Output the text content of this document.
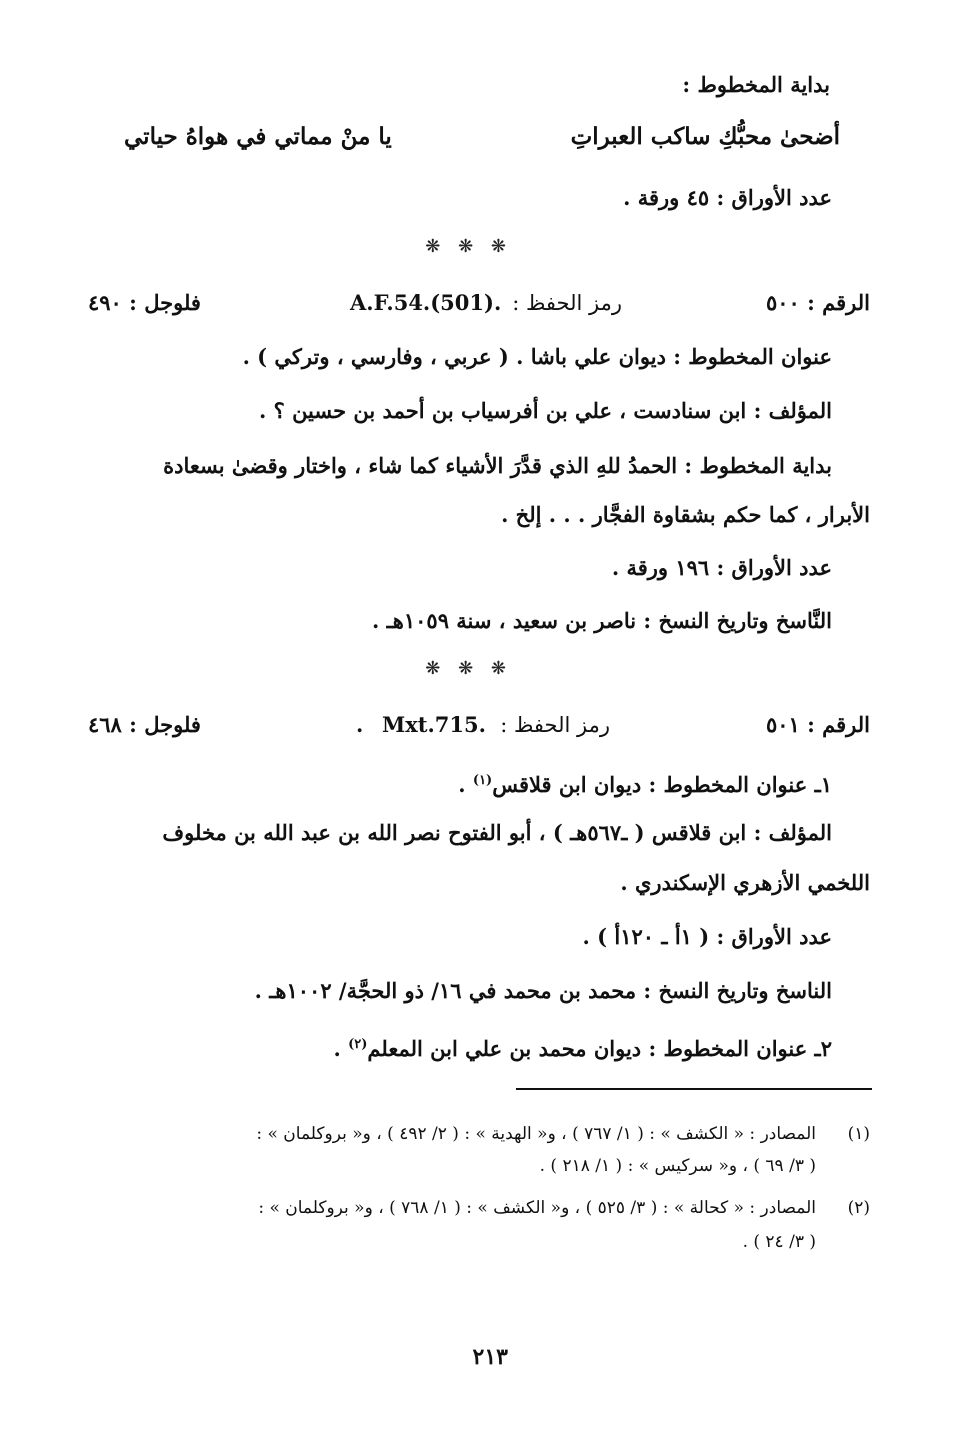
بداية المخطوط :
أضحىٰ محبُّكِ ساكب العبراتِ
يا منْ مماتي في هواهُ حياتي
عدد الأوراق : ٤٥ ورقة .
❋ ❋ ❋
الرقم : ٥٠٠
رمز الحفظ :
A.F.54.(501).
فلوجل : ٤٩٠
عنوان المخطوط : ديوان علي باشا . ( عربي ، وفارسي ، وتركي ) .
المؤلف : ابن سنادست ، علي بن أفرسياب بن أحمد بن حسين ؟ .
بداية المخطوط : الحمدُ للهِ الذي قدَّرَ الأشياء كما شاء ، واختار وقضىٰ بسعادة
الأبرار ، كما حكم بشقاوة الفجَّار . . . إلخ .
عدد الأوراق : ١٩٦ ورقة .
النَّاسخ وتاريخ النسخ : ناصر بن سعيد ، سنة ١٠٥٩هـ .
❋ ❋ ❋
الرقم : ٥٠١
رمز الحفظ :
Mxt.715.
.
فلوجل : ٤٦٨
١ـ عنوان المخطوط : ديوان ابن قلاقس$^{(١)}$ .
المؤلف : ابن قلاقس ( ـ٥٦٧هـ ) ، أبو الفتوح نصر الله بن عبد الله بن مخلوف
اللخمي الأزهري الإسكندري .
عدد الأوراق : ( ١أ ـ ١٢٠أ ) .
الناسخ وتاريخ النسخ : محمد بن محمد في ١٦/ ذو الحجَّة/ ١٠٠٢هـ .
٢ـ عنوان المخطوط : ديوان محمد بن علي ابن المعلم$^{(٢)}$ .
(١)
المصادر : « الكشف » : ( ١/ ٧٦٧ ) ، و« الهدية » : ( ٢/ ٤٩٢ ) ، و« بروكلمان » :
( ٣/ ٦٩ ) ، و« سركيس » : ( ١/ ٢١٨ ) .
(٢)
المصادر : « كحالة » : ( ٣/ ٥٢٥ ) ، و« الكشف » : ( ١/ ٧٦٨ ) ، و« بروكلمان » :
( ٣/ ٢٤ ) .
٢١٣
